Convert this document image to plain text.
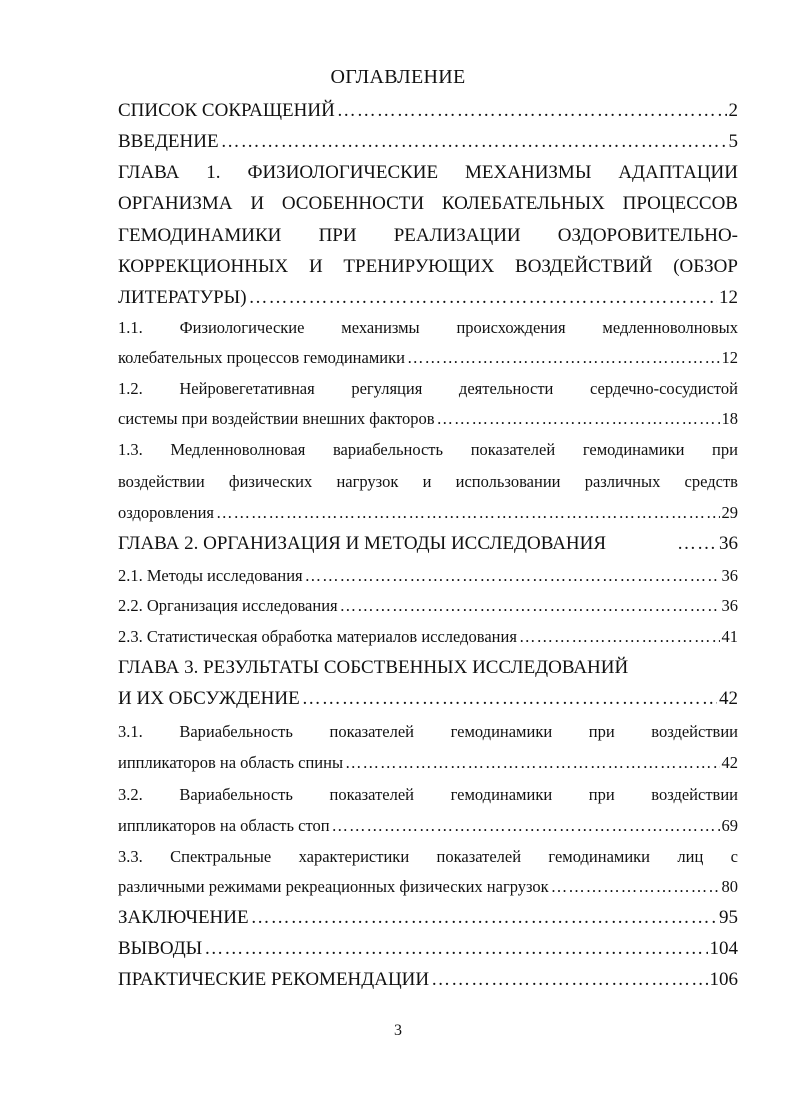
ОГЛАВЛЕНИЕ
СПИСОК СОКРАЩЕНИЙ …………………………………………………………………………………………………………………………………………………………………………………………	2
ВВЕДЕНИЕ …………………………………………………………………………………………………………………………………………………………………………………………	5
ГЛАВА 1. ФИЗИОЛОГИЧЕСКИЕ МЕХАНИЗМЫ АДАПТАЦИИ
ОРГАНИЗМА И ОСОБЕННОСТИ КОЛЕБАТЕЛЬНЫХ ПРОЦЕССОВ
ГЕМОДИНАМИКИ ПРИ РЕАЛИЗАЦИИ ОЗДОРОВИТЕЛЬНО-
КОРРЕКЦИОННЫХ И ТРЕНИРУЮЩИХ ВОЗДЕЙСТВИЙ (ОБЗОР
ЛИТЕРАТУРЫ) …………………………………………………………………………………………………………………………………………………………………………………………	12
1.1. Физиологические механизмы происхождения медленноволновых
колебательных процессов гемодинамики …………………………………………………………………………………………………………………………………………………………………………………………	12
1.2. Нейровегетативная регуляция деятельности сердечно-сосудистой
системы при воздействии внешних факторов …………………………………………………………………………………………………………………………………………………………………………………………	18
1.3. Медленноволновая вариабельность показателей гемодинамики при
воздействии физических нагрузок и использовании различных средств
оздоровления …………………………………………………………………………………………………………………………………………………………………………………………	29
ГЛАВА 2. ОРГАНИЗАЦИЯ И МЕТОДЫ ИССЛЕДОВАНИЯ	…… 36
2.1. Методы исследования …………………………………………………………………………………………………………………………………………………………………………………………	36
2.2. Организация исследования …………………………………………………………………………………………………………………………………………………………………………………………	36
2.3. Статистическая обработка материалов исследования …………………………………………………………………………………………………………………………………………………………………………………………	41
ГЛАВА 3. РЕЗУЛЬТАТЫ СОБСТВЕННЫХ ИССЛЕДОВАНИЙ
И ИХ ОБСУЖДЕНИЕ …………………………………………………………………………………………………………………………………………………………………………………………	42
3.1. Вариабельность показателей гемодинамики при воздействии
иппликаторов на область спины …………………………………………………………………………………………………………………………………………………………………………………………	42
3.2. Вариабельность показателей гемодинамики при воздействии
иппликаторов на область стоп …………………………………………………………………………………………………………………………………………………………………………………………	69
3.3. Спектральные характеристики показателей гемодинамики лиц с
различными режимами рекреационных физических нагрузок …………………………………………………………………………………………………………………………………………………………………………………………	80
ЗАКЛЮЧЕНИЕ …………………………………………………………………………………………………………………………………………………………………………………………	95
ВЫВОДЫ …………………………………………………………………………………………………………………………………………………………………………………………	104
ПРАКТИЧЕСКИЕ РЕКОМЕНДАЦИИ …………………………………………………………………………………………………………………………………………………………………………………………	106
3
